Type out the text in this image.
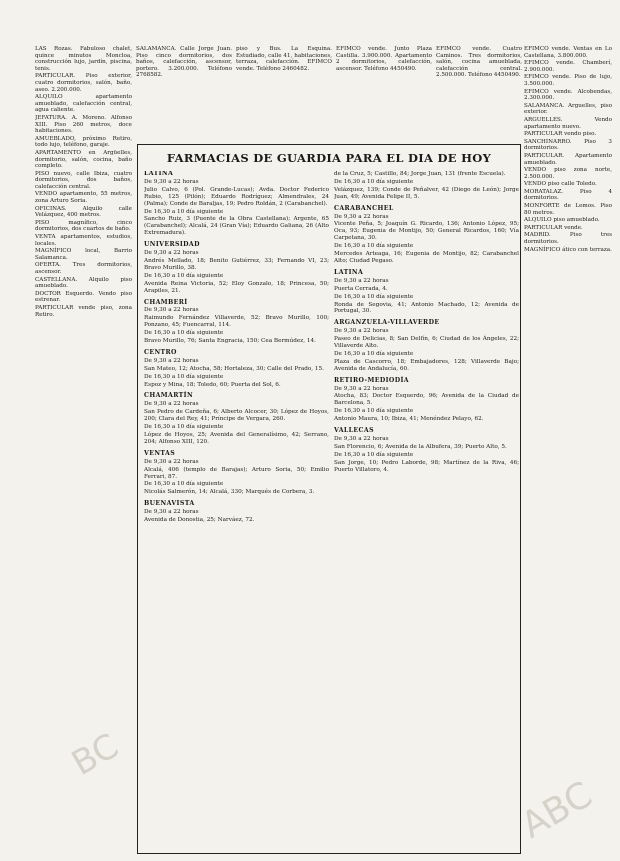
LAS Rozas. Fabuloso chalet, quince minutos Moncloa, construcción lujo, jardín, piscina, tenis.

PARTICULAR. Piso exterior, cuatro dormitorios, salón, baño, aseo. 2.200.000.

ALQUILO apartamento amueblado, calefacción central, agua caliente.

JEFATURA. A. Moreno. Alfonso XIII. Piso 260 metros, doce habitaciones.

AMUEBLADO, próximo Retiro, todo lujo, teléfono, garaje.

APARTAMENTO en Argüelles, dormitorio, salón, cocina, baño completo.

PISO nuevo, calle Ibiza, cuatro dormitorios, dos baños, calefacción central.

VENDO apartamento, 55 metros, zona Arturo Soria.

OFICINAS. Alquilo calle Velázquez, 400 metros.

PISO magnífico, cinco dormitorios, dos cuartos de baño.

VENTA apartamentos, estudios, locales.

MAGNÍFICO local, Barrio Salamanca.

OFERTA. Tres dormitorios, ascensor.

CASTELLANA. Alquilo piso amueblado.

DOCTOR Esquerdo. Vendo piso estrenar.

PARTICULAR vende piso, zona Retiro.

SALAMANCA. Calle Jorge Juan. Piso cinco dormitorios, dos baños, calefacción, ascensor, portero. 3.200.000. Teléfono 2768582.

piso y Bus. La Esquina. Estudiado, calle 41, habitaciones, terraza, calefacción. EFIMCO vende. Teléfono 2460482.

EFIMCO vende. Junto Plaza Castilla. 3.900.000. Apartamento 2 dormitorios, calefacción, ascensor. Teléfono 4450490.

EFIMCO vende. Cuatro Caminos. Tres dormitorios, salón, cocina amueblada, calefacción central. 2.500.000. Teléfono 4450490.

EFIMCO vende. Ventas en Lo Castellana, 3.800.000.

EFIMCO vende. Chamberí, 2.900.000.

EFIMCO vende. Piso de lujo, 3.500.000.

EFIMCO vende. Alcobendas, 2.300.000.

SALAMANCA. Arguelles, piso exterior.

ARGUELLES. Vendo apartamento nuevo.

PARTICULAR vendo piso.

SANCHINARRO. Piso 3 dormitorios.

PARTICULAR. Apartamento amueblado.

VENDO piso zona norte, 2.500.000.

VENDO piso calle Toledo.

MORATALAZ. Piso 4 dormitorios.

MONFORTE de Lemos. Piso 80 metros.

ALQUILO piso amueblado.

PARTICULAR vende.

MADRID. Piso tres dormitorios.

MAGNÍFICO ático con terraza.

FARMACIAS DE GUARDIA PARA EL DIA DE HOY
LATINA
De 9,30 a 22 horas
Julio Calvo, 6 (Pol. Grande-Lucas); Avda. Doctor Federico Rubio, 125 (Pilón); Eduardo Rodríguez; Almendrales, 24 (Palma); Conde de Baraljas, 19; Pedro Roldán, 2 (Carabanchel).
De 16,30 a 10 día siguiente
Sancho Ruiz, 3 (Puente de la Obra Castellana); Argente, 65 (Carabanchel); Alcalá, 24 (Gran Vía); Eduardo Galiana, 26 (Alto Extremadura).
UNIVERSIDAD
De 9,30 a 22 horas
Andrés Mellado, 18; Benito Gutiérrez, 33; Fernando VI, 23; Bravo Murillo, 38.
De 16,30 a 10 día siguiente
Avenida Reina Victoria, 52; Eloy Gonzalo, 18; Princesa, 50; Arapiles, 21.
CHAMBERÍ
De 9,30 a 22 horas
Raimundo Fernández Villaverde, 52; Bravo Murillo, 100; Ponzano, 45; Fuencarral, 114.
De 16,30 a 10 día siguiente
Bravo Murillo, 76; Santa Engracia, 150; Cea Bermúdez, 14.
CENTRO
De 9,30 a 22 horas
San Mateo, 12; Atocha, 58; Hortaleza, 30; Calle del Prado, 15.
De 16,30 a 10 día siguiente
Espoz y Mina, 18; Toledo, 60; Puerta del Sol, 6.
CHAMARTÍN
De 9,30 a 22 horas
San Pedro de Cardeña, 6; Alberto Alcocer, 30; López de Hoyos, 200; Clara del Rey, 41; Príncipe de Vergara, 260.
De 16,30 a 10 día siguiente
López de Hoyos, 25; Avenida del Generalísimo, 42; Serrano, 204; Alfonso XIII, 120.
VENTAS
De 9,30 a 22 horas
Alcalá, 406 (templo de Barajas); Arturo Soria, 50; Emilio Ferrari, 87.
De 16,30 a 10 día siguiente
Nicolás Salmerón, 14; Alcalá, 330; Marqués de Corbera, 3.
BUENAVISTA
De 9,30 a 22 horas
Avenida de Donostia, 25; Narváez, 72.
de la Cruz, 5; Castillo, 84; Jorge Juan, 131 (frente Escuela).
De 16,30 a 10 día siguiente
Velázquez, 139; Conde de Peñalver, 42 (Diego de León); Jorge Juan, 49; Avenida Felipe II, 5.
CARABANCHEL
De 9,30 a 22 horas
Vicente Peña, 5; Joaquín G. Ricardo, 136; Antonio López, 95; Oca, 93; Eugenia de Montijo, 50; General Ricardos, 160; Vía Carpetana, 30.
De 16,30 a 10 día siguiente
Mercedes Arteaga, 16; Eugenia de Montijo, 82; Carabanchel Alto; Ciudad Pegaso.
LATINA
De 9,30 a 22 horas
Puerta Cerrada, 4.
De 16,30 a 10 día siguiente
Ronda de Segovia, 41; Antonio Machado, 12; Avenida de Portugal, 30.
ARGANZUELA-VILLAVERDE
De 9,30 a 22 horas
Paseo de Delicias, 8; San Delfín, 6; Ciudad de los Ángeles, 22; Villaverde Alto.
De 16,30 a 10 día siguiente
Plaza de Cascorro, 18; Embajadores, 128; Villaverde Bajo; Avenida de Andalucía, 60.
RETIRO-MEDIODÍA
De 9,30 a 22 horas
Atocha, 83; Doctor Esquerdo, 96; Avenida de la Ciudad de Barcelona, 5.
De 16,30 a 10 día siguiente
Antonio Maura, 10; Ibiza, 41; Menéndez Pelayo, 62.
VALLECAS
De 9,30 a 22 horas
San Florencio, 6; Avenida de la Albufera, 39; Puerto Alto, 5.
De 16,30 a 10 día siguiente
San Jorge, 10; Pedro Laborde, 98; Martínez de la Riva, 46; Puerto Villatoro, 4.
BC
ABC
